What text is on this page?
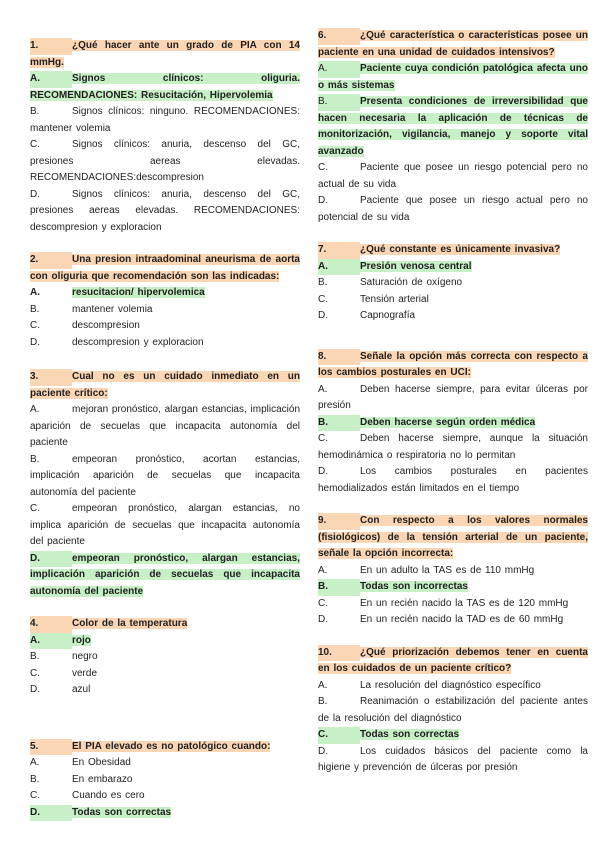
1.	¿Qué hacer ante un grado de PIA con 14 mmHg.

A.	Signos clínicos: oliguria. RECOMENDACIONES: Resucitación, Hipervolemia

B.	Signos clínicos: ninguno. RECOMENDACIONES: mantener volemia

C.	Signos clínicos: anuria, descenso del GC, presiones aereas elevadas. RECOMENDACIONES:descompresion

D.	Signos clínicos: anuria, descenso del GC, presiones aereas elevadas. RECOMENDACIONES: descompresion y exploracion

2.	Una presion intraadominal aneurisma de aorta con oliguria que recomendación son las indicadas:

A.	resucitacion/ hipervolemica

B.	mantener volemia

C.	descompresion

D.	descompresion y exploracion

3.	Cual no es un cuidado inmediato en un paciente crítico:

A.	mejoran pronóstico, alargan estancias, implicación aparición de secuelas que incapacita autonomía del paciente

B.	empeoran pronóstico, acortan estancias, implicación aparición de secuelas que incapacita autonomía del paciente

C.	empeoran pronóstico, alargan estancias, no implica aparición de secuelas que incapacita autonomía del paciente

D.	empeoran pronóstico, alargan estancias, implicación aparición de secuelas que incapacita autonomía del paciente

4.	Color de la temperatura

A.	rojo

B.	negro

C.	verde

D.	azul

5.	El PIA elevado es no patológico cuando:

A.	En Obesidad

B.	En embarazo

C.	Cuando es cero

D.	Todas son correctas

6.	¿Qué característica o características posee un paciente en una unidad de cuidados intensivos?

A.	Paciente cuya condición patológica afecta uno o más sistemas

B.	Presenta condiciones de irreversibilidad que hacen necesaria la aplicación de técnicas de monitorización, vigilancia, manejo y soporte vital avanzado

C.	Paciente que posee un riesgo potencial pero no actual de su vida

D.	Paciente que posee un riesgo actual pero no potencial de su vida

7.	¿Qué constante es únicamente invasiva?

A.	Presión venosa central

B.	Saturación de oxígeno

C.	Tensión arterial

D.	Capnografía

8.	Señale la opción más correcta con respecto a los cambios posturales en UCI:

A.	Deben hacerse siempre, para evitar úlceras por presión

B.	Deben hacerse según orden médica

C.	Deben hacerse siempre, aunque la situación hemodinámica o respiratoria no lo permitan

D.	Los cambios posturales en pacientes hemodializados están limitados en el tiempo

9.	Con respecto a los valores normales (fisiológicos) de la tensión arterial de un paciente, señale la opción incorrecta:

A.	En un adulto la TAS es de 110 mmHg

B.	Todas son incorrectas

C.	En un recién nacido la TAS es de 120 mmHg

D.	En un recién nacido la TAD es de 60 mmHg

10.	¿Qué priorización debemos tener en cuenta en los cuidados de un paciente crítico?

A.	La resolución del diagnóstico específico

B.	Reanimación o estabilización del paciente antes de la resolución del diagnóstico

C.	Todas son correctas

D.	Los cuidados básicos del paciente como la higiene y prevención de úlceras por presión
